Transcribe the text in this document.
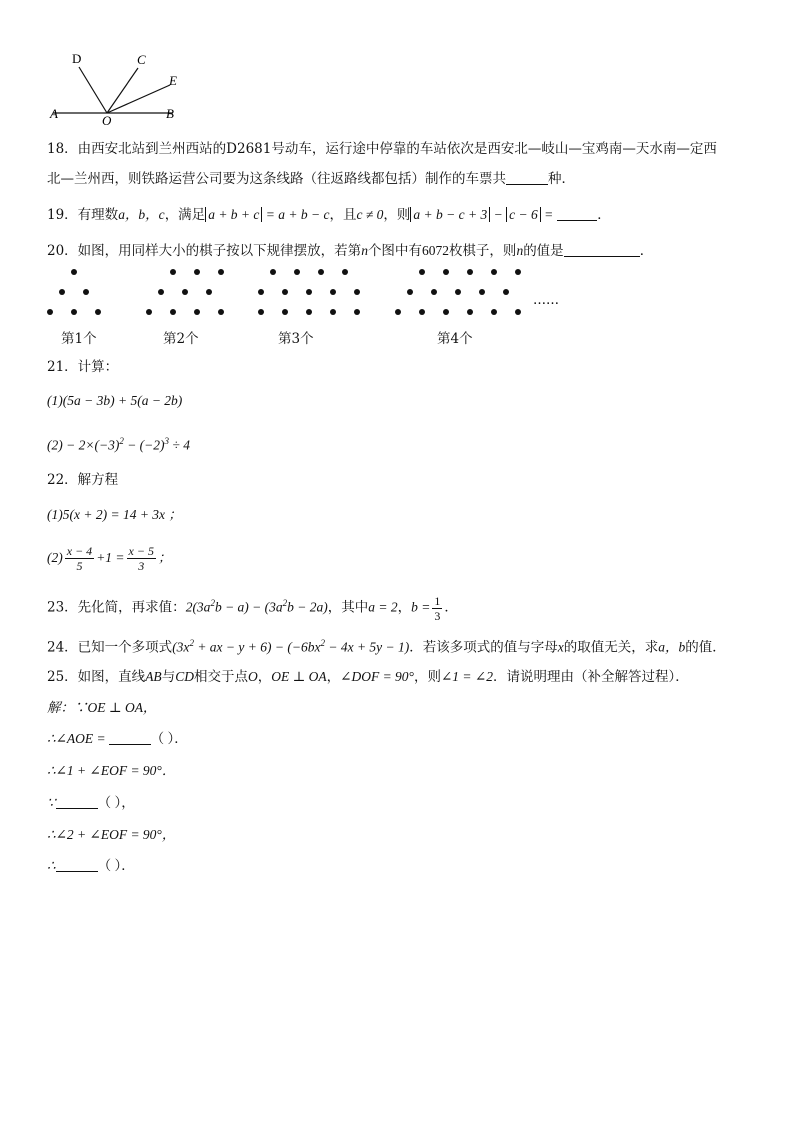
D	C
E
A	O	B
18．由西安北站到兰州西站的D2681号动车，运行途中停靠的车站依次是西安北—岐山—宝鸡南—天水南—定西
北—兰州西，则铁路运营公司要为这条线路（往返路线都包括）制作的车票共	种．
19．有理数a，b，c，满足 a + b + c = a + b − c，且c ≠ 0，则 a + b − c + 3 − c − 6 =	．
20．如图，用同样大小的棋子按以下规律摆放，若第n个图中有6072枚棋子，则n的值是	．
……
第1个	第2个	第3个	第4个
21．计算：
(1)(5a − 3b) + 5(a − 2b)
$(2) - 2\times(-3)^2 - (-2)^3 \div 4$
22．解方程
(1)5(x + 2) = 14 + 3x ；
$(2) \frac{x - 4}{5} +1 = \frac{x - 5}{3}$ ；
23．先化简，再求值：$2(3a^2b - a) - (3a^2b - 2a)$，其中a = 2，$b = \frac{1}{3}$ ．
24．已知一个多项式($3x^2$ + ax − $y + 6) - (-6bx^2 - 4x + 5y - 1)$．若该多项式的值与字母x的取值无关，求a，b的值．
25．如图，直线AB与CD相交于点O，OE ⊥ OA，∠DOF = 90°，则∠1 = ∠2．请说明理由（补全解答过程）．
解：∵OE ⊥ OA，
∴∠AOE =	（ ）．
∴∠1 + ∠EOF = 90°．
∵	（ ），
∴∠2 + ∠EOF = 90°，
∴	（ ）．
